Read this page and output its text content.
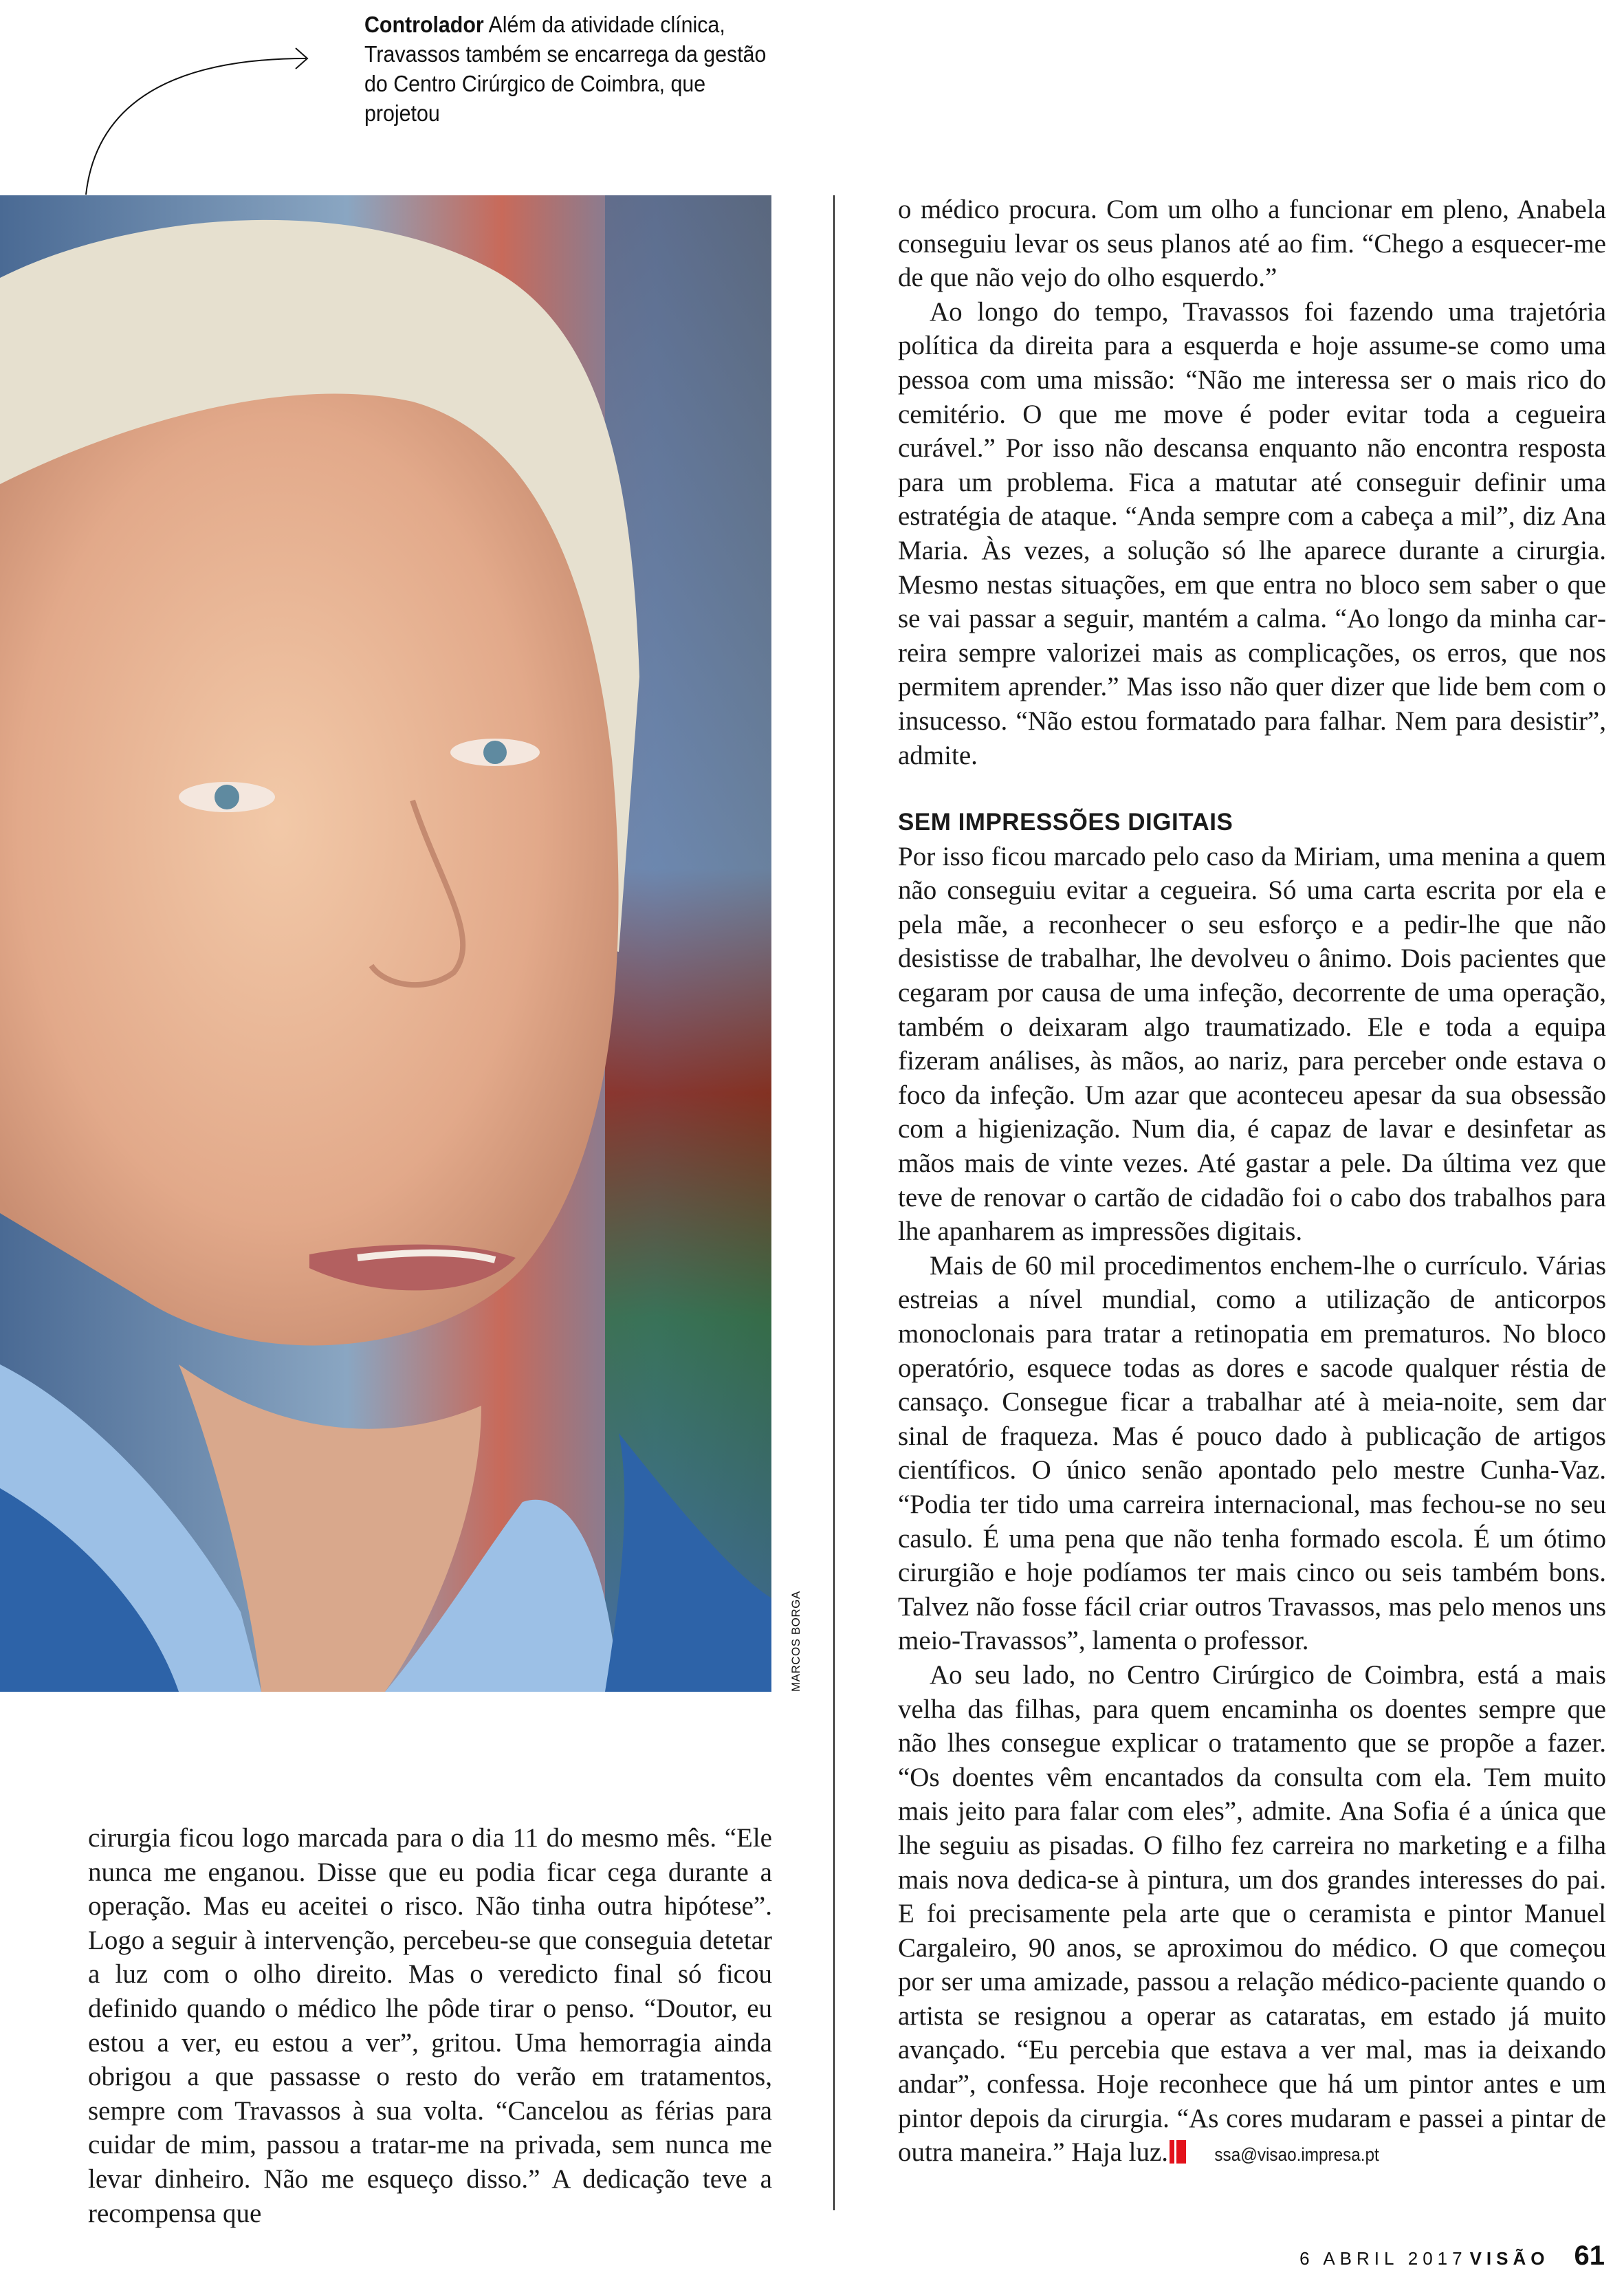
Controlador Além da atividade clínica, Travassos também se encarrega da gestão do Centro Cirúrgico de Coimbra, que projetou
MARCOS BORGA

cirurgia ficou logo marcada para o dia 11 do mesmo mês. “Ele nunca me enganou. Disse que eu podia ficar cega durante a operação. Mas eu aceitei o risco. Não tinha outra hipótese”. Logo a seguir à intervenção, percebeu-se que conseguia detetar a luz com o olho direito. Mas o veredicto final só ficou definido quando o médico lhe pôde tirar o penso. “Doutor, eu estou a ver, eu estou a ver”, gritou. Uma hemorragia ainda obrigou a que passasse o resto do verão em tratamentos, sempre com Travassos à sua volta. “Cancelou as férias para cuidar de mim, passou a tratar-me na privada, sem nunca me levar dinheiro. Não me esqueço disso.” A dedicação teve a recompensa que

o médico procura. Com um olho a funcionar em pleno, Anabela conseguiu levar os seus planos até ao fim. “Chego a esquecer-me de que não vejo do olho esquerdo.”

Ao longo do tempo, Travassos foi fazendo uma trajetória política da direita para a esquerda e hoje assume-se como uma pessoa com uma missão: “Não me interessa ser o mais rico do cemitério. O que me move é poder evitar toda a cegueira curável.” Por isso não descansa enquanto não encontra resposta para um problema. Fica a matutar até conseguir definir uma estratégia de ataque. “Anda sempre com a cabeça a mil”, diz Ana Maria. Às vezes, a solução só lhe aparece durante a cirurgia. Mesmo nestas situações, em que entra no bloco sem saber o que se vai passar a seguir, mantém a calma. “Ao longo da minha carreira sempre valorizei mais as complicações, os erros, que nos permitem aprender.” Mas isso não quer dizer que lide bem com o insucesso. “Não estou formatado para falhar. Nem para desistir”, admite.

SEM IMPRESSÕES DIGITAIS

Por isso ficou marcado pelo caso da Miriam, uma menina a quem não conseguiu evitar a cegueira. Só uma carta escrita por ela e pela mãe, a reconhecer o seu esforço e a pedir-lhe que não desistisse de trabalhar, lhe devolveu o ânimo. Dois pacientes que cegaram por causa de uma infeção, decorrente de uma operação, também o deixaram algo traumatizado. Ele e toda a equipa fizeram análises, às mãos, ao nariz, para perceber onde estava o foco da infeção. Um azar que aconteceu apesar da sua obsessão com a higienização. Num dia, é capaz de lavar e desinfetar as mãos mais de vinte vezes. Até gastar a pele. Da última vez que teve de renovar o cartão de cidadão foi o cabo dos trabalhos para lhe apanharem as impressões digitais.

Mais de 60 mil procedimentos enchem-lhe o currículo. Várias estreias a nível mundial, como a utilização de anticorpos monoclonais para tratar a retinopatia em prematuros. No bloco operatório, esquece todas as dores e sacode qualquer réstia de cansaço. Consegue ficar a trabalhar até à meia-noite, sem dar sinal de fraqueza. Mas é pouco dado à publicação de artigos científicos. O único senão apontado pelo mestre Cunha-Vaz. “Podia ter tido uma carreira internacional, mas fechou-se no seu casulo. É uma pena que não tenha formado escola. É um ótimo cirurgião e hoje podíamos ter mais cinco ou seis também bons. Talvez não fosse fácil criar outros Travassos, mas pelo menos uns meio-Travassos”, lamenta o professor.

Ao seu lado, no Centro Cirúrgico de Coimbra, está a mais velha das filhas, para quem encaminha os doentes sempre que não lhes consegue explicar o tratamento que se propõe a fazer. “Os doentes vêm encantados da consulta com ela. Tem muito mais jeito para falar com eles”, admite. Ana Sofia é a única que lhe seguiu as pisadas. O filho fez carreira no marketing e a filha mais nova dedica-se à pintura, um dos grandes interesses do pai. E foi precisamente pela arte que o ceramista e pintor Manuel Cargaleiro, 90 anos, se aproximou do médico. O que começou por ser uma amizade, passou a relação médico-paciente quando o artista se resignou a operar as cataratas, em estado já muito avançado. “Eu percebia que estava a ver mal, mas ia deixando andar”, confessa. Hoje reconhece que há um pintor antes e um pintor depois da cirurgia. “As cores mudaram e passei a pintar de outra maneira.” Haja luz. ssa@visao.impresa.pt

6 ABRIL 2017 VISÃO 61
